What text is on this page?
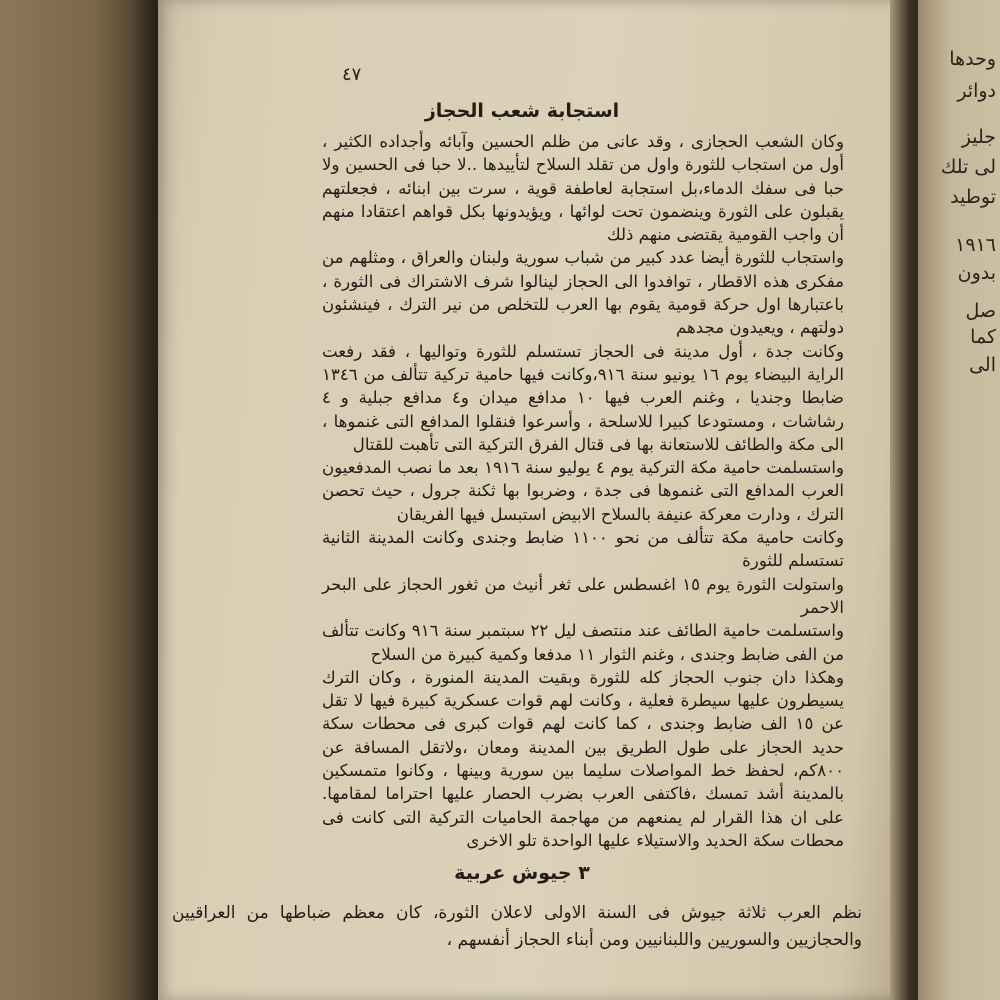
وحدها
دوائر
جليز
لى تلك
توطيد
١٩١٦
بدون
صل
كما
الى
٤٧
استجابة شعب الحجاز

وكان الشعب الحجازى ، وقد عانى من ظلم الحسين وآبائه وأجداده الكثير ، أول من استجاب للثورة واول من تقلد السلاح لتأييدها ..لا حبا فى الحسين ولا حبا فى سفك الدماء،بل استجابة لعاطفة قوية ، سرت بين ابنائه ، فجعلتهم يقبلون على الثورة وينضمون تحت لوائها ، ويؤيدونها بكل قواهم اعتقادا منهم أن واجب القومية يقتضى منهم ذلك

واستجاب للثورة أيضا عدد كبير من شباب سورية ولبنان والعراق ، ومثلهم من مفكرى هذه الاقطار ، توافدوا الى الحجاز لينالوا شرف الاشتراك فى الثورة ، باعتبارها اول حركة قومية يقوم بها العرب للتخلص من نير الترك ، فينشئون دولتهم ، ويعيدون مجدهم

وكانت جدة ، أول مدينة فى الحجاز تستسلم للثورة وتواليها ، فقد رفعت الراية البيضاء يوم ١٦ يونيو سنة ٩١٦،وكانت فيها حامية تركية تتألف من ١٣٤٦ ضابطا وجنديا ، وغنم العرب فيها ١٠ مدافع ميدان و٤ مدافع جبلية و ٤ رشاشات ، ومستودعا كبيرا للاسلحة ، وأسرعوا فنقلوا المدافع التى غنموها ، الى مكة والطائف للاستعانة بها فى قتال الفرق التركية التى تأهبت للقتال

واستسلمت حامية مكة التركية يوم ٤ يوليو سنة ١٩١٦ بعد ما نصب المدفعيون العرب المدافع التى غنموها فى جدة ، وضربوا بها ثكنة جرول ، حيث تحصن الترك ، ودارت معركة عنيفة بالسلاح الابيض استبسل فيها الفريقان

وكانت حامية مكة تتألف من نحو ١١٠٠ ضابط وجندى وكانت المدينة الثانية تستسلم للثورة

واستولت الثورة يوم ١٥ اغسطس على ثغر أنيث من ثغور الحجاز على البحر الاحمر

واستسلمت حامية الطائف عند منتصف ليل ٢٢ سبتمبر سنة ٩١٦ وكانت تتألف من الفى ضابط وجندى ، وغنم الثوار ١١ مدفعا وكمية كبيرة من السلاح

وهكذا دان جنوب الحجاز كله للثورة وبقيت المدينة المنورة ، وكان الترك يسيطرون عليها سيطرة فعلية ، وكانت لهم قوات عسكرية كبيرة فيها لا تقل عن ١٥ الف ضابط وجندى ، كما كانت لهم قوات كبرى فى محطات سكة حديد الحجاز على طول الطريق بين المدينة ومعان ،ولاتقل المسافة عن ٨٠٠كم، لحفظ خط المواصلات سليما بين سورية وبينها ، وكانوا متمسكين بالمدينة أشد تمسك ،فاكتفى العرب بضرب الحصار عليها احتراما لمقامها. على ان هذا القرار لم يمنعهم من مهاجمة الحاميات التركية التى كانت فى محطات سكة الحديد والاستيلاء عليها الواحدة تلو الاخرى

٣ جيوش عربية

نظم العرب ثلاثة جيوش فى السنة الاولى لاعلان الثورة، كان معظم ضباطها من العراقيين والحجازيين والسوريين واللبنانيين ومن أبناء الحجاز أنفسهم ،
